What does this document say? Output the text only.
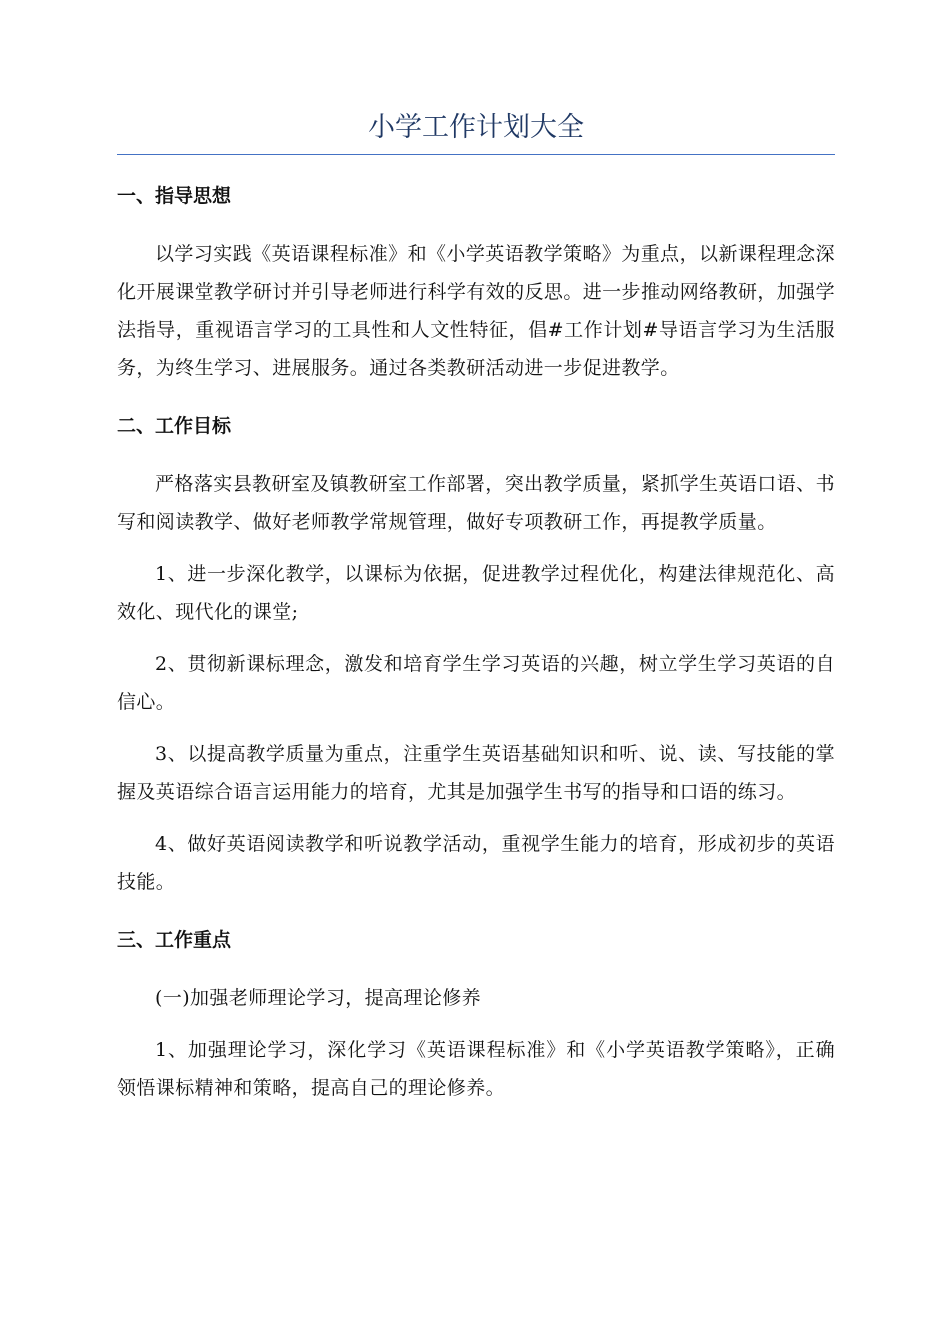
小学工作计划大全
一、指导思想

以学习实践《英语课程标准》和《小学英语教学策略》为重点，以新课程理念深化开展课堂教学研讨并引导老师进行科学有效的反思。进一步推动网络教研，加强学法指导，重视语言学习的工具性和人文性特征，倡#工作计划#导语言学习为生活服务，为终生学习、进展服务。通过各类教研活动进一步促进教学。

二、工作目标

严格落实县教研室及镇教研室工作部署，突出教学质量，紧抓学生英语口语、书写和阅读教学、做好老师教学常规管理，做好专项教研工作，再提教学质量。

1、进一步深化教学，以课标为依据，促进教学过程优化，构建法律规范化、高效化、现代化的课堂;

2、贯彻新课标理念，激发和培育学生学习英语的兴趣，树立学生学习英语的自信心。

3、以提高教学质量为重点，注重学生英语基础知识和听、说、读、写技能的掌握及英语综合语言运用能力的培育，尤其是加强学生书写的指导和口语的练习。

4、做好英语阅读教学和听说教学活动，重视学生能力的培育，形成初步的英语技能。

三、工作重点

(一)加强老师理论学习，提高理论修养

1、加强理论学习，深化学习《英语课程标准》和《小学英语教学策略》，正确领悟课标精神和策略，提高自己的理论修养。
